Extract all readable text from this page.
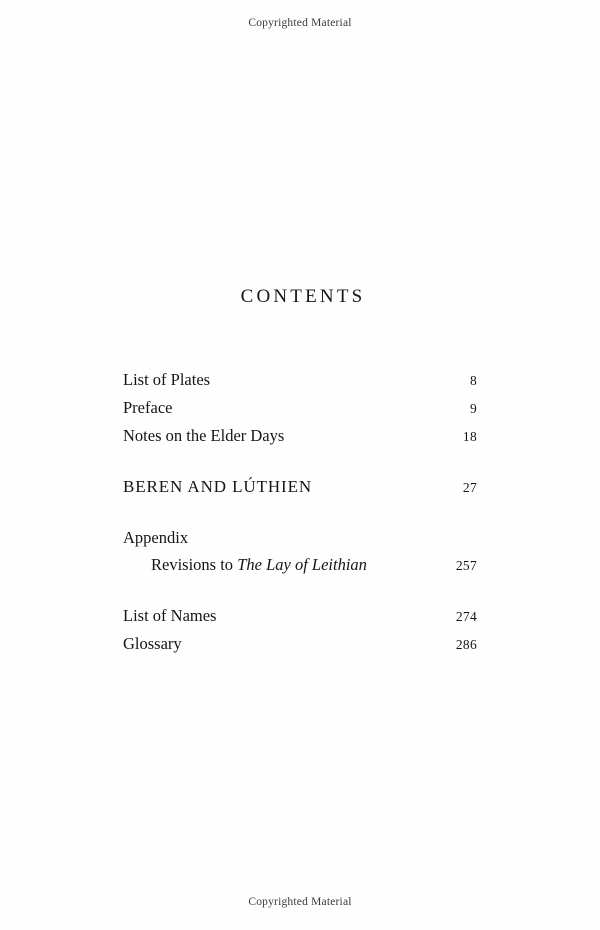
Copyrighted Material
CONTENTS
List of Plates	8
Preface	9
Notes on the Elder Days	18
BEREN AND LÚTHIEN	27
Appendix
Revisions to The Lay of Leithian	257
List of Names	274
Glossary	286
Copyrighted Material
